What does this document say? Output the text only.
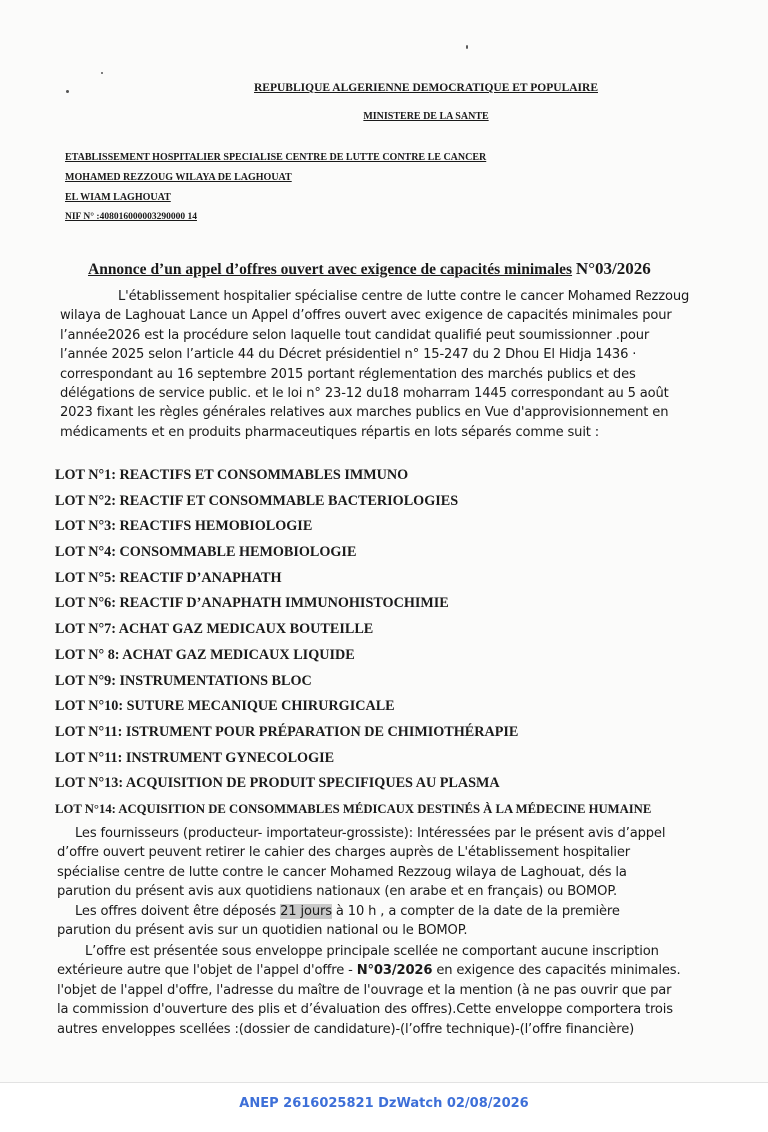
REPUBLIQUE ALGERIENNE DEMOCRATIQUE ET POPULAIRE
MINISTERE DE LA SANTE
ETABLISSEMENT HOSPITALIER SPECIALISE CENTRE DE LUTTE CONTRE LE CANCER
MOHAMED REZZOUG WILAYA DE LAGHOUAT
EL WIAM LAGHOUAT
NIF N° :408016000003290000 14
Annonce d’un appel d’offres ouvert avec exigence de capacités minimales N°03/2026
L'établissement hospitalier spécialise centre de lutte contre le cancer Mohamed Rezzoug
wilaya de Laghouat Lance un Appel d’offres ouvert avec exigence de capacités minimales pour
l’année2026 est la procédure selon laquelle tout candidat qualifié peut soumissionner .pour
l’année 2025 selon l’article 44 du Décret présidentiel n° 15-247 du 2 Dhou El Hidja 1436 ·
correspondant au 16 septembre 2015 portant réglementation des marchés publics et des
délégations de service public. et le loi n° 23-12 du18 moharram 1445 correspondant au 5 août
2023 fixant les règles générales relatives aux marches publics en Vue d'approvisionnement en
médicaments et en produits pharmaceutiques répartis en lots séparés comme suit :
LOT N°1: REACTIFS ET CONSOMMABLES IMMUNO
LOT N°2: REACTIF ET CONSOMMABLE BACTERIOLOGIES
LOT N°3: REACTIFS HEMOBIOLOGIE
LOT N°4: CONSOMMABLE HEMOBIOLOGIE
LOT N°5: REACTIF D’ANAPHATH
LOT N°6: REACTIF D’ANAPHATH IMMUNOHISTOCHIMIE
LOT N°7: ACHAT GAZ MEDICAUX BOUTEILLE
LOT N° 8: ACHAT GAZ MEDICAUX LIQUIDE
LOT N°9: INSTRUMENTATIONS BLOC
LOT N°10: SUTURE MECANIQUE CHIRURGICALE
LOT N°11: ISTRUMENT POUR PRÉPARATION DE CHIMIOTHÉRAPIE
LOT N°11: INSTRUMENT GYNECOLOGIE
LOT N°13: ACQUISITION DE PRODUIT SPECIFIQUES AU PLASMA
LOT N°14: ACQUISITION DE CONSOMMABLES MÉDICAUX DESTINÉS À LA MÉDECINE HUMAINE
Les fournisseurs (producteur- importateur-grossiste): Intéressées par le présent avis d’appel
d’offre ouvert peuvent retirer le cahier des charges auprès de L'établissement hospitalier
spécialise centre de lutte contre le cancer Mohamed Rezzoug wilaya de Laghouat, dés la
parution du présent avis aux quotidiens nationaux (en arabe et en français) ou BOMOP.
Les offres doivent être déposés 21 jours à 10 h , a compter de la date de la première
parution du présent avis sur un quotidien national ou le BOMOP.
L’offre est présentée sous enveloppe principale scellée ne comportant aucune inscription
extérieure autre que l'objet de l'appel d'offre - N°03/2026 en exigence des capacités minimales.
l'objet de l'appel d'offre, l'adresse du maître de l'ouvrage et la mention (à ne pas ouvrir que par
la commission d'ouverture des plis et d’évaluation des offres).Cette enveloppe comportera trois
autres enveloppes scellées :(dossier de candidature)-(l’offre technique)-(l’offre financière)
ANEP 2616025821 DzWatch 02/08/2026
